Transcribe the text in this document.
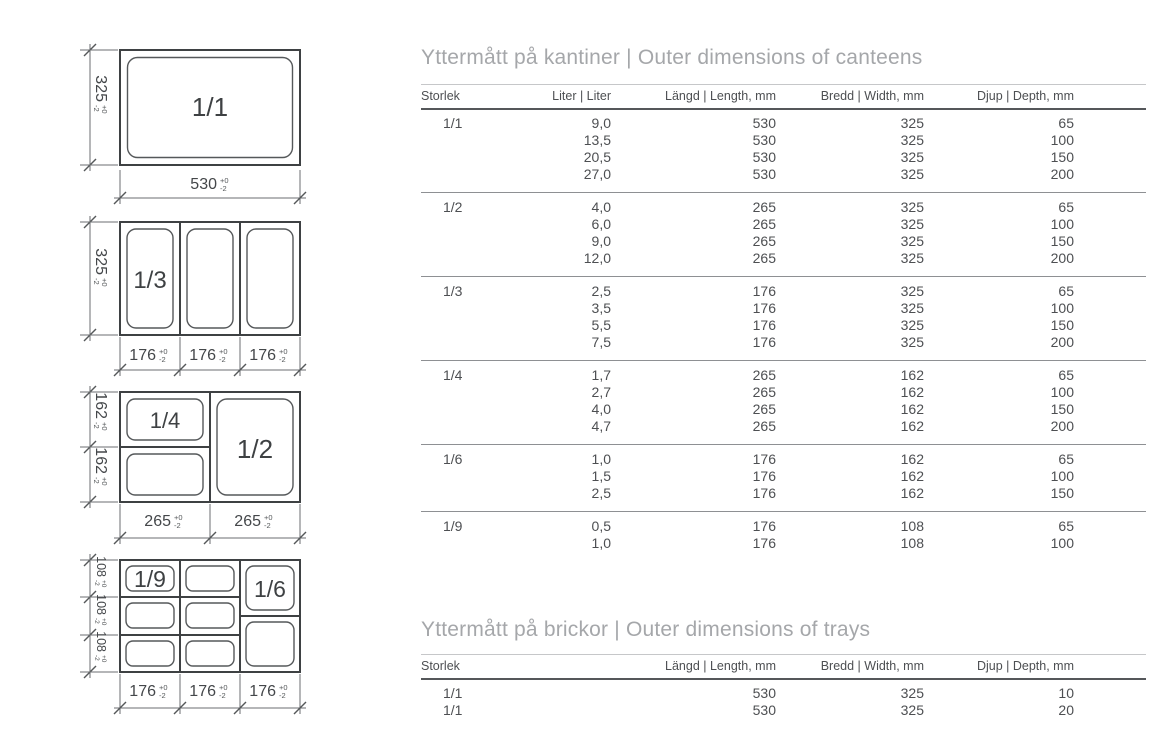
1/1
325
+0
-2
530 +0
-2
1/3
325
+0
-2
176 +0
-2 176 +0
-2 176 +0
-2
1/4
1/2
162
+0
-2
162
+0
-2
265 +0
-2	265 +0
-2
1/9	1/6
108
+0
-2
108
+0
-2
108
+0
-2
176 +0
-2 176 +0
-2 176 +0
-2
Yttermått på kantiner | Outer dimensions of canteens
Storlek	Liter | Liter	Längd | Length, mm	Bredd | Width, mm	Djup | Depth, mm
1/1	9,0	530	325	65
	13,5	530	325	100
	20,5	530	325	150
	27,0	530	325	200
1/2	4,0	265	325	65
	6,0	265	325	100
	9,0	265	325	150
	12,0	265	325	200
1/3	2,5	176	325	65
	3,5	176	325	100
	5,5	176	325	150
	7,5	176	325	200
1/4	1,7	265	162	65
	2,7	265	162	100
	4,0	265	162	150
	4,7	265	162	200
1/6	1,0	176	162	65
	1,5	176	162	100
	2,5	176	162	150
1/9	0,5	176	108	65
	1,0	176	108	100
Yttermått på brickor | Outer dimensions of trays
Storlek		Längd | Length, mm	Bredd | Width, mm	Djup | Depth, mm
1/1		530	325	10
1/1		530	325	20
